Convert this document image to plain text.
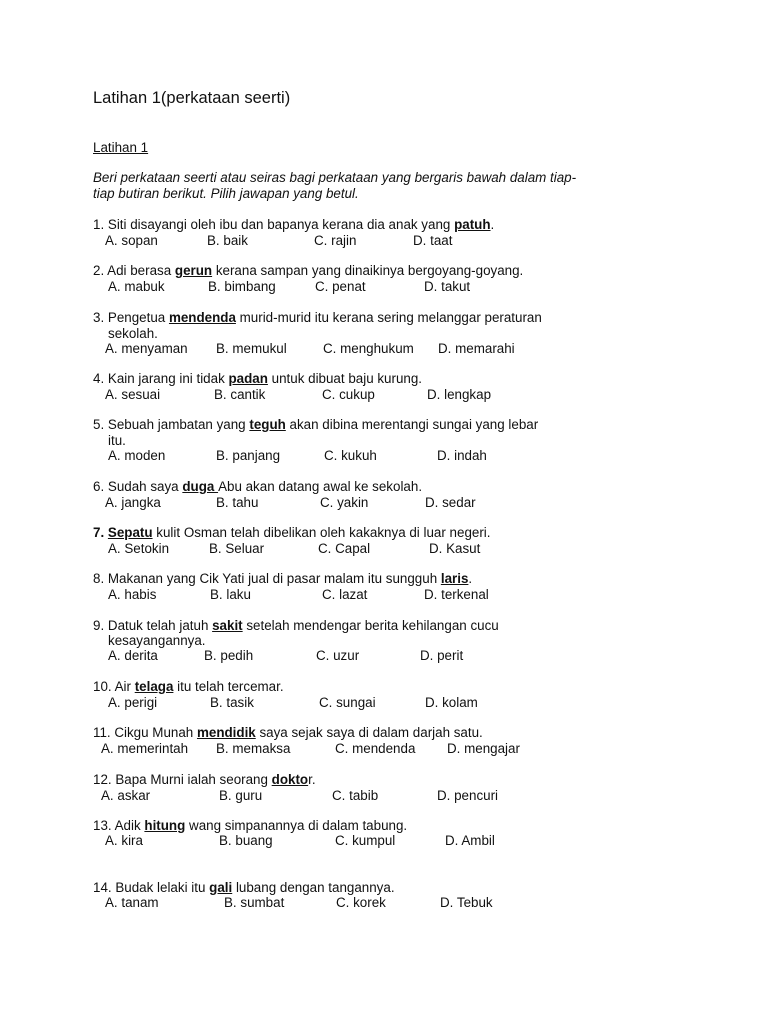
Latihan 1(perkataan seerti)
Latihan 1
Beri perkataan seerti atau seiras bagi perkataan yang bergaris bawah dalam tiap-tiap butiran berikut. Pilih jawapan yang betul.
1. Siti disayangi oleh ibu dan bapanya kerana dia anak yang patuh.
A. sopan	B. baik	C. rajin	D. taat
2. Adi berasa gerun kerana sampan yang dinaikinya bergoyang-goyang.
A. mabuk	B. bimbang	C. penat	D. takut
3. Pengetua mendenda murid-murid itu kerana sering melanggar peraturan
sekolah.
A. menyaman B. memukul	C. menghukum D. memarahi
4. Kain jarang ini tidak padan untuk dibuat baju kurung.
A. sesuai	B. cantik	C. cukup	D. lengkap
5. Sebuah jambatan yang teguh akan dibina merentangi sungai yang lebar
itu.
A. moden	B. panjang	C. kukuh	D. indah
6. Sudah saya duga Abu akan datang awal ke sekolah.
A. jangka	B. tahu	C. yakin	D. sedar
7. Sepatu kulit Osman telah dibelikan oleh kakaknya di luar negeri.
A. Setokin	B. Seluar	C. Capal	D. Kasut
8. Makanan yang Cik Yati jual di pasar malam itu sungguh laris.
A. habis	B. laku	C. lazat	D. terkenal
9. Datuk telah jatuh sakit setelah mendengar berita kehilangan cucu
kesayangannya.
A. derita	B. pedih	C. uzur	D. perit
10. Air telaga itu telah tercemar.
A. perigi	B. tasik	C. sungai	D. kolam
11. Cikgu Munah mendidik saya sejak saya di dalam darjah satu.
A. memerintah B. memaksa	C. mendenda D. mengajar
12. Bapa Murni ialah seorang doktor.
A. askar	B. guru	C. tabib	D. pencuri
13. Adik hitung wang simpanannya di dalam tabung.
A. kira	B. buang	C. kumpul	D. Ambil
14. Budak lelaki itu gali lubang dengan tangannya.
A. tanam	B. sumbat	C. korek	D. Tebuk
